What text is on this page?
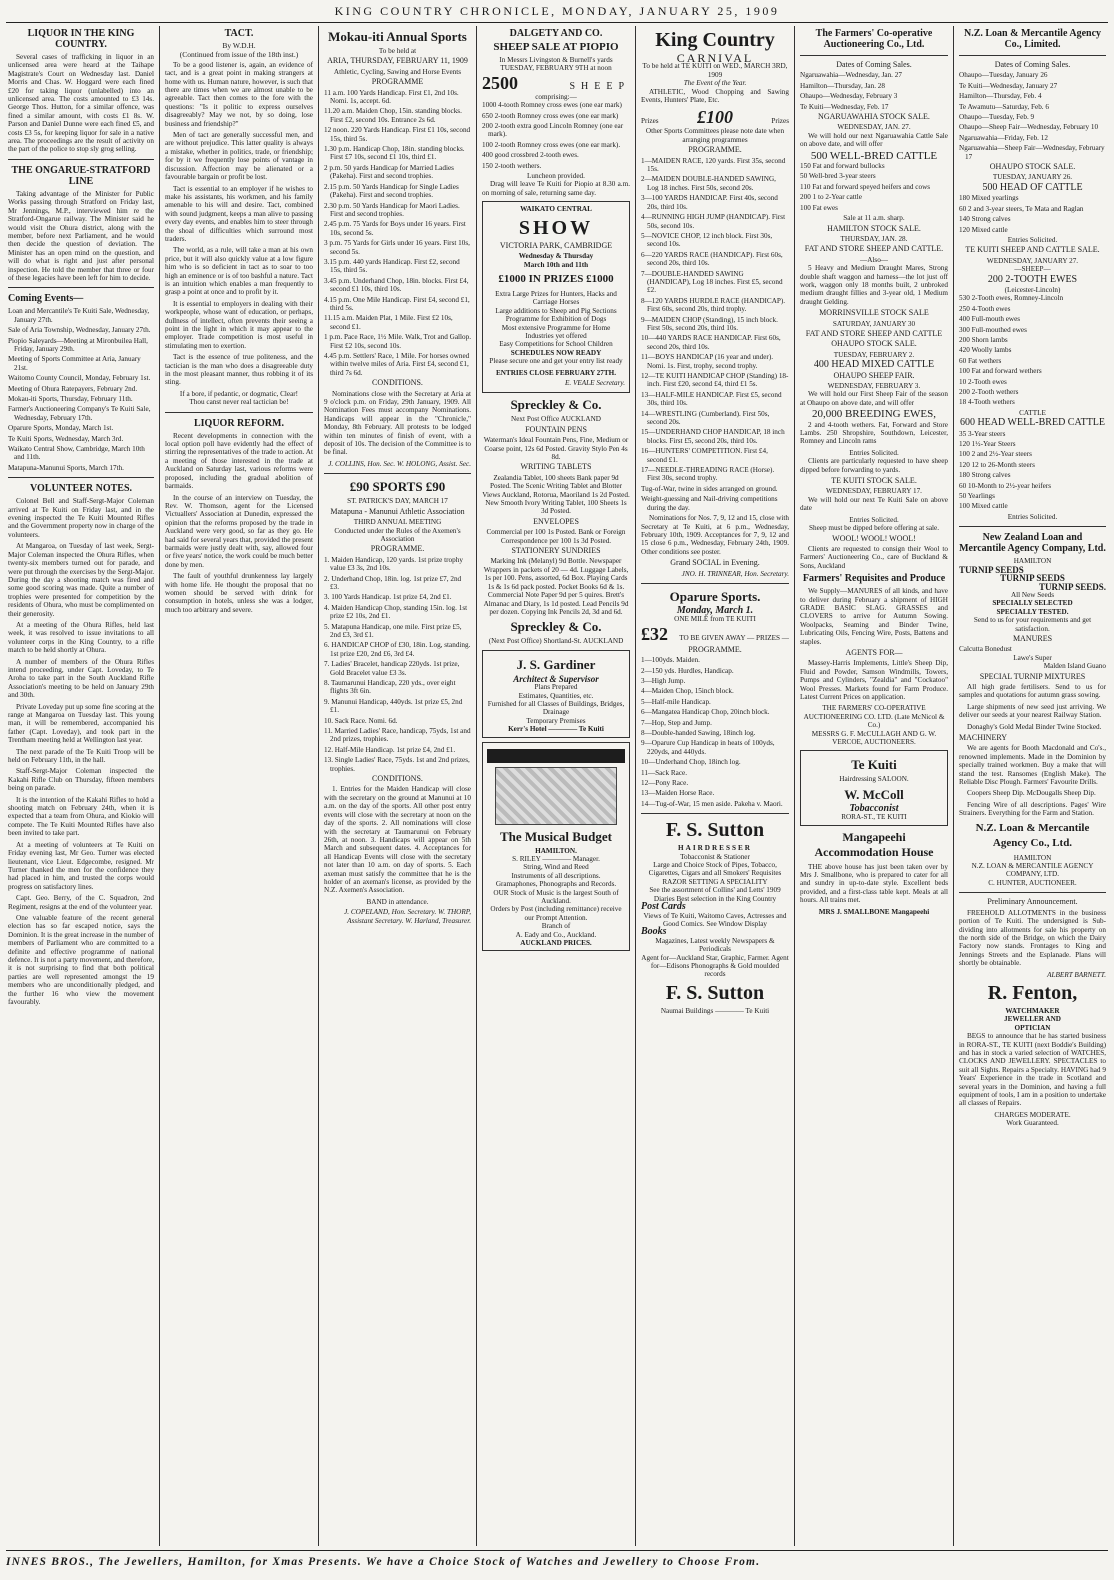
KING COUNTRY CHRONICLE, MONDAY, JANUARY 25, 1909
LIQUOR IN THE KING COUNTRY.

Several cases of trafficking in liquor in an unlicensed area were heard at the Taihape Magistrate's Court on Wednesday last. Daniel Morris and Chas. W. Hoggard were each fined £20 for taking liquor (unlabelled) into an unlicensed area. The costs amounted to £3 14s. George Thos. Hutton, for a similar offence, was fined a similar amount, with costs £1 8s. W. Parson and Daniel Dunne were each fined £5, and costs £3 5s, for keeping liquor for sale in a native area. The proceedings are the result of activity on the part of the police to stop sly grog selling.

THE ONGARUE-STRATFORD LINE

Taking advantage of the Minister for Public Works passing through Stratford on Friday last, Mr Jennings, M.P., interviewed him re the Stratford-Ongarue railway. The Minister said he would visit the Ohura district, along with the member, before next Parliament, and he would then decide the question of deviation. The Minister has an open mind on the question, and will do what is right and just after personal inspection. He told the member that three or four of these legacies have been left for him to decide.

Coming Events—
Loan and Mercantile's Te Kuiti Sale, Wednesday, January 27th.
Sale of Aria Township, Wednesday, January 27th.
Piopio Saleyards—Meeting at Mironbuilea Hall, Friday, January 29th.
Meeting of Sports Committee at Aria, January 21st.
Waitomo County Council, Monday, February 1st.
Meeting of Ohura Ratepayers, February 2nd.
Mokau-iti Sports, Thursday, February 11th.
Farmer's Auctioneering Company's Te Kuiti Sale, Wednesday, February 17th.
Oparure Sports, Monday, March 1st.
Te Kuiti Sports, Wednesday, March 3rd.
Waikato Central Show, Cambridge, March 10th and 11th.
Matapuna-Manunui Sports, March 17th.
VOLUNTEER NOTES.

Colonel Bell and Staff-Sergt-Major Coleman arrived at Te Kuiti on Friday last, and in the evening inspected the Te Kuiti Mounted Rifles and the Government property now in charge of the volunteers.

At Mangaroa, on Tuesday of last week, Sergt-Major Coleman inspected the Ohura Rifles, when twenty-six members turned out for parade, and were put through the exercises by the Sergt-Major. During the day a shooting match was fired and some good scoring was made. Quite a number of trophies were presented for competition by the residents of Ohura, who must be complimented on their generosity.

At a meeting of the Ohura Rifles, held last week, it was resolved to issue invitations to all volunteer corps in the King Country, to a rifle match to be held shortly at Ohura.

A number of members of the Ohura Rifles intend proceeding, under Capt. Loveday, to Te Aroha to take part in the South Auckland Rifle Association's meeting to be held on January 29th and 30th.

Private Loveday put up some fine scoring at the range at Mangaroa on Tuesday last. This young man, it will be remembered, accompanied his father (Capt. Loveday), and took part in the Trentham meeting held at Wellington last year.

The next parade of the Te Kuiti Troop will be held on February 11th, in the hall.

Staff-Sergt-Major Coleman inspected the Kakahi Rifle Club on Thursday, fifteen members being on parade.

It is the intention of the Kakahi Rifles to hold a shooting match on February 24th, when it is expected that a team from Ohura, and Kiokio will compete. The Te Kuiti Mounted Rifles have also been invited to take part.

At a meeting of volunteers at Te Kuiti on Friday evening last, Mr Geo. Turner was elected lieutenant, vice Lieut. Edgecombe, resigned. Mr Turner thanked the men for the confidence they had placed in him, and trusted the corps would progress on satisfactory lines.

Capt. Geo. Berry, of the C. Squadron, 2nd Regiment, resigns at the end of the volunteer year.

One valuable feature of the recent general election has so far escaped notice, says the Dominion. It is the great increase in the number of members of Parliament who are committed to a definite and effective programme of national defence. It is not a party movement, and therefore, it is not surprising to find that both political parties are well represented amongst the 19 members who are unconditionally pledged, and the further 16 who view the movement favourably.

TACT.
By W.D.H.
(Continued from issue of the 18th inst.)

To be a good listener is, again, an evidence of tact, and is a great point in making strangers at home with us. Human nature, however, is such that there are times when we are almost unable to be agreeable. Tact then comes to the fore with the questions: "Is it politic to express ourselves disagreeably? May we not, by so doing, lose business and friendship?"

Men of tact are generally successful men, and are without prejudice. This latter quality is always a mistake, whether in politics, trade, or friendship; for by it we frequently lose points of vantage in discussion. Affection may be alienated or a favourable bargain or profit be lost.

Tact is essential to an employer if he wishes to make his assistants, his workmen, and his family amenable to his will and desire. Tact, combined with sound judgment, keeps a man alive to passing every day events, and enables him to steer through the shoal of difficulties which surround most traders.

The world, as a rule, will take a man at his own price, but it will also quickly value at a low figure him who is so deficient in tact as to soar to too high an eminence or is of too bashful a nature. Tact is an intuition which enables a man frequently to grasp a point at once and to profit by it.

It is essential to employers in dealing with their workpeople, whose want of education, or perhaps, dullness of intellect, often prevents their seeing a point in the light in which it may appear to the employer. Trade competition is most useful in stimulating men to exertion.

Tact is the essence of true politeness, and the tactician is the man who does a disagreeable duty in the most pleasant manner, thus robbing it of its sting.

If a bore, if pedantic, or dogmatic, Clear!
Thou canst never real tactician be!
LIQUOR REFORM.

Recent developments in connection with the local option poll have evidently had the effect of stirring the representatives of the trade to action. At a meeting of those interested in the trade at Auckland on Saturday last, various reforms were proposed, including the gradual abolition of barmaids.

In the course of an interview on Tuesday, the Rev. W. Thomson, agent for the Licensed Victuallers' Association at Dunedin, expressed the opinion that the reforms proposed by the trade in Auckland were very good, so far as they go. He had said for several years that, provided the present barmaids were justly dealt with, say, allowed four or five years' notice, the work could be much better done by men.

The fault of youthful drunkenness lay largely with home life. He thought the proposal that no women should be served with drink for consumption in hotels, unless she was a lodger, much too arbitrary and severe.

Mokau-iti Annual Sports
To be held at
ARIA, THURSDAY, FEBRUARY 11, 1909
Athletic, Cycling, Sawing and Horse Events
PROGRAMME
11 a.m. 100 Yards Handicap. First £1, 2nd 10s. Nomi. 1s, accept. 6d.
11.20 a.m. Maiden Chop, 15in. standing blocks. First £2, second 10s. Entrance 2s 6d.
12 noon. 220 Yards Handicap. First £1 10s, second 15s, third 5s.
1.30 p.m. Handicap Chop, 18in. standing blocks. First £7 10s, second £1 10s, third £1.
2 p.m. 50 yards Handicap for Married Ladies (Pakeha). First and second trophies.
2.15 p.m. 50 Yards Handicap for Single Ladies (Pakeha). First and second trophies.
2.30 p.m. 50 Yards Handicap for Maori Ladies. First and second trophies.
2.45 p.m. 75 Yards for Boys under 16 years. First 10s, second 5s.
3 p.m. 75 Yards for Girls under 16 years. First 10s, second 5s.
3.15 p.m. 440 yards Handicap. First £2, second 15s, third 5s.
3.45 p.m. Underhand Chop, 18in. blocks. First £4, second £1 10s, third 10s.
4.15 p.m. One Mile Handicap. First £4, second £1, third 5s.
11.15 a.m. Maiden Plat, 1 Mile. First £2 10s, second £1.
1 p.m. Pace Race, 1½ Mile. Walk, Trot and Gallop. First £2 10s, second 10s.
4.45 p.m. Settlers' Race, 1 Mile. For horses owned within twelve miles of Aria. First £4, second £1, third 7s 6d.
CONDITIONS.

Nominations close with the Secretary at Aria at 9 o'clock p.m. on Friday, 29th January, 1909. All Nomination Fees must accompany Nominations. Handicaps will appear in the "Chronicle," Monday, 8th February. All protests to be lodged within ten minutes of finish of event, with a deposit of 10s. The decision of the Committee is to be final.

J. COLLINS, Hon. Sec. W. HOLONG, Assist. Sec.
£90 SPORTS £90
ST. PATRICK'S DAY, MARCH 17
Matapuna - Manunui Athletic Association
THIRD ANNUAL MEETING
Conducted under the Rules of the Axemen's Association
PROGRAMME.
1. Maiden Handicap, 120 yards. 1st prize trophy value £3 3s, 2nd 10s.
2. Underhand Chop, 18in. log. 1st prize £7, 2nd £3.
3. 100 Yards Handicap. 1st prize £4, 2nd £1.
4. Maiden Handicap Chop, standing 15in. log. 1st prize £2 10s, 2nd £1.
5. Matapuna Handicap, one mile. First prize £5, 2nd £3, 3rd £1.
6. HANDICAP CHOP of £30, 18in. Log, standing. 1st prize £20, 2nd £6, 3rd £4.
7. Ladies' Bracelet, handicap 220yds. 1st prize, Gold Bracelet value £3 3s.
8. Taumarunui Handicap, 220 yds., over eight flights 3ft 6in.
9. Manunui Handicap, 440yds. 1st prize £5, 2nd £1.
10. Sack Race. Nomi. 6d.
11. Married Ladies' Race, handicap, 75yds, 1st and 2nd prizes, trophies.
12. Half-Mile Handicap. 1st prize £4, 2nd £1.
13. Single Ladies' Race, 75yds. 1st and 2nd prizes, trophies.
CONDITIONS.

1. Entries for the Maiden Handicap will close with the secretary on the ground at Manunui at 10 a.m. on the day of the sports. All other post entry events will close with the secretary at noon on the day of the sports. 2. All nominations will close with the secretary at Taumarunui on February 26th, at noon. 3. Handicaps will appear on 5th March and subsequent dates. 4. Acceptances for all Handicap Events will close with the secretary not later than 10 a.m. on day of sports. 5. Each axeman must satisfy the committee that he is the holder of an axeman's license, as provided by the N.Z. Axemen's Association.

BAND in attendance.
J. COPELAND, Hon. Secretary. W. THORP, Assistant Secretary. W. Harland, Treasurer.
DALGETY AND CO.
SHEEP SALE AT PIOPIO
In Messrs Livingston & Burnell's yards
TUESDAY, FEBRUARY 9TH at noon
2500	SHEEP
comprising:—
1000 4-tooth Romney cross ewes (one ear mark)
650 2-tooth Romney cross ewes (one ear mark)
200 2-tooth extra good Lincoln Romney (one ear mark).
100 2-tooth Romney cross ewes (one ear mark).
400 good crossbred 2-tooth ewes.
150 2-tooth wethers.
Luncheon provided.

Drag will leave Te Kuiti for Piopio at 8.30 a.m. on morning of sale, returning same day.

WAIKATO CENTRAL
SHOW
VICTORIA PARK, CAMBRIDGE
Wednesday & Thursday
March 10th and 11th
£1000 IN PRIZES £1000
Extra Large Prizes for Hunters, Hacks and Carriage Horses
Large additions to Sheep and Pig Sections
Programme for Exhibition of Dogs
Most extensive Programme for Home Industries yet offered
Easy Competitions for School Children
SCHEDULES NOW READY
Please secure one and get your entry list ready
ENTRIES CLOSE FEBRUARY 27TH.
E. VEALE Secretary.
Spreckley & Co.
Next Post Office AUCKLAND
FOUNTAIN PENS
Waterman's Ideal Fountain Pens, Fine, Medium or Coarse point, 12s 6d Posted. Gravity Stylo Pen 4s 8d.
WRITING TABLETS
Zealandia Tablet, 100 sheets Bank paper 9d Posted. The Scenic Writing Tablet and Blotter Views Auckland, Rotorua, Maoriland 1s 2d Posted. New Smooth Ivory Writing Tablet, 100 Sheets 1s 3d Posted.
ENVELOPES
Commercial per 100 1s Posted. Bank or Foreign Correspondence per 100 1s 3d Posted.
STATIONERY SUNDRIES
Marking Ink (Melanyl) 9d Bottle. Newspaper Wrappers in packets of 20 — 4d. Luggage Labels, 1s per 100. Pens, assorted, 6d Box. Playing Cards 1s & 1s 6d pack posted. Pocket Books 6d & 1s. Commercial Note Paper 9d per 5 quires. Brett's Almanac and Diary, 1s 1d posted. Lead Pencils 9d per dozen. Copying Ink Pencils 2d, 3d and 6d.
Spreckley & Co.
(Next Post Office) Shortland-St. AUCKLAND
J. S. Gardiner
Architect & Supervisor
Plans Prepared
Estimates, Quantities, etc.
Furnished for all Classes of Buildings, Bridges, Drainage
Temporary Premises
Kerr's Hotel ———— Te Kuiti
The Musical Budget
HAMILTON.
S. RILEY ———— Manager.
String, Wind and Reed
Instruments of all descriptions.
Gramaphones, Phonographs and Records.
OUR Stock of Music is the largest South of Auckland.
Orders by Post (including remittance) receive our Prompt Attention.
Branch of
A. Eady and Co., Auckland.
AUCKLAND PRICES.
King Country
CARNIVAL
To be held at TE KUITI on WED., MARCH 3RD, 1909
The Event of the Year.

ATHLETIC, Wood Chopping and Sawing Events, Hunters' Plate, Etc.

Prizes £100	Prizes
Other Sports Committees please note date when arranging programmes
PROGRAMME.
1—MAIDEN RACE, 120 yards. First 35s, second 15s.
2—MAIDEN DOUBLE-HANDED SAWING, Log 18 inches. First 50s, second 20s.
3—100 YARDS HANDICAP. First 40s, second 20s, third 10s.
4—RUNNING HIGH JUMP (HANDICAP). First 50s, second 10s.
5—NOVICE CHOP, 12 inch block. First 30s, second 10s.
6—220 YARDS RACE (HANDICAP). First 60s, second 20s, third 10s.
7—DOUBLE-HANDED SAWING (HANDICAP), Log 18 inches. First £5, second £2.
8—120 YARDS HURDLE RACE (HANDICAP). First 60s, second 20s, third trophy.
9—MAIDEN CHOP (Standing), 15 inch block. First 50s, second 20s, third 10s.
10—440 YARDS RACE HANDICAP. First 60s, second 20s, third 10s.
11—BOYS HANDICAP (16 year and under). Nomi. 1s. First, trophy, second trophy.
12—TE KUITI HANDICAP CHOP (Standing) 18-inch. First £20, second £4, third £1 5s.
13—HALF-MILE HANDICAP. First £5, second 30s, third 10s.
14—WRESTLING (Cumberland). First 50s, second 20s.
15—UNDERHAND CHOP HANDICAP, 18 inch blocks. First £5, second 20s, third 10s.
16—HUNTERS' COMPETITION. First £4, second £1.
17—NEEDLE-THREADING RACE (Horse). First 30s, second trophy.
Tug-of-War, twine in sides arranged on ground.
Weight-guessing and Nail-driving competitions during the day.

Nominations for Nos. 7, 9, 12 and 15, close with Secretary at Te Kuiti, at 6 p.m., Wednesday, February 10th, 1909. Acceptances for 7, 9, 12 and 15 close 6 p.m., Wednesday, February 24th, 1909. Other conditions see poster.

Grand SOCIAL in Evening.
JNO. H. TRINNEAR, Hon. Secretary.
Oparure Sports.
Monday, March 1.
ONE MILE from TE KUITI
£32 TO BE GIVEN AWAY — PRIZES —
PROGRAMME.
1—100yds. Maiden.
2—150 yds. Hurdles, Handicap.
3—High Jump.
4—Maiden Chop, 15inch block.
5—Half-mile Handicap.
6—Mangatea Handicap Chop, 20inch block.
7—Hop, Step and Jump.
8—Double-handed Sawing, 18inch log.
9—Oparure Cup Handicap in heats of 100yds, 220yds, and 440yds.
10—Underhand Chop, 18inch log.
11—Sack Race.
12—Pony Race.
13—Maiden Horse Race.
14—Tug-of-War, 15 men aside. Pakeha v. Maori.
F. S. Sutton
HAIRDRESSER
Tobacconist & Stationer
Large and Choice Stock of Pipes, Tobacco, Cigarettes, Cigars and all Smokers' Requisites
RAZOR SETTING A SPECIALITY
See the assortment of Collins' and Letts' 1909 Diaries Best selection in the King Country
Post Cards
Views of Te Kuiti, Waitomo Caves, Actresses and Good Comics. See Window Display
Books
Magazines, Latest weekly Newspapers & Periodicals
Agent for—Auckland Star, Graphic, Farmer. Agent for—Edisons Phonographs & Gold moulded records
F. S. Sutton
Naumai Buildings ———— Te Kuiti
The Farmers' Co-operative Auctioneering Co., Ltd.
Dates of Coming Sales.
Ngaruawahia—Wednesday, Jan. 27
Hamilton—Thursday, Jan. 28
Ohaupo—Wednesday, February 3
Te Kuiti—Wednesday, Feb. 17
NGARUAWAHIA STOCK SALE.
WEDNESDAY, JAN. 27.

We will hold our next Ngaruawahia Cattle Sale on above date, and will offer

500 WELL-BRED CATTLE
150 Fat and forward bullocks
50 Well-bred 3-year steers
110 Fat and forward speyed heifers and cows
200 1 to 2-Year cattle
100 Fat ewes
Sale at 11 a.m. sharp.
HAMILTON STOCK SALE.
THURSDAY, JAN. 28.
FAT AND STORE SHEEP AND CATTLE.
—Also—

5 Heavy and Medium Draught Mares, Strong double shaft waggon and harness—the lot just off work, waggon only 18 months built, 2 unbroked medium draught fillies and 3-year old, 1 Medium draught Gelding.

MORRINSVILLE STOCK SALE
SATURDAY, JANUARY 30
FAT AND STORE SHEEP AND CATTLE
OHAUPO STOCK SALE.
TUESDAY, FEBRUARY 2.
400 HEAD MIXED CATTLE
OHAUPO SHEEP FAIR.
WEDNESDAY, FEBRUARY 3.

We will hold our First Sheep Fair of the season at Ohaupo on above date, and will offer

20,000 BREEDING EWES,

2 and 4-tooth wethers. Fat, Forward and Store Lambs. 250 Shropshire, Southdown, Leicester, Romney and Lincoln rams

Entries Solicited.

Clients are particularly requested to have sheep dipped before forwarding to yards.

TE KUITI STOCK SALE.
WEDNESDAY, FEBRUARY 17.

We will hold our next Te Kuiti Sale on above date

Entries Solicited.
Sheep must be dipped before offering at sale.
WOOL! WOOL! WOOL!

Clients are requested to consign their Wool to Farmers' Auctioneering Co., care of Buckland & Sons, Auckland

Farmers' Requisites and Produce

We Supply—MANURES of all kinds, and have to deliver during February a shipment of HIGH GRADE BASIC SLAG. GRASSES and CLOVERS to arrive for Autumn Sowing. Woolpacks, Seaming and Binder Twine, Lubricating Oils, Fencing Wire, Posts, Battens and staples.

AGENTS FOR—

Massey-Harris Implements, Little's Sheep Dip, Fluid and Powder, Samson Windmills, Towers, Pumps and Cylinders, "Zealdia" and "Cockatoo" Wool Presses. Markets found for Farm Produce. Latest Current Prices on application.

THE FARMERS' CO-OPERATIVE AUCTIONEERING CO. LTD. (Late McNicol & Co.)
MESSRS G. F. McCULLAGH AND G. W. VERCOE, AUCTIONEERS.
Te Kuiti
Hairdressing SALOON.
W. McColl
Tobacconist
RORA-ST., TE KUITI
Mangapeehi Accommodation House

THE above house has just been taken over by Mrs J. Smallbone, who is prepared to cater for all and sundry in up-to-date style. Excellent beds provided, and a first-class table kept. Meals at all hours. All trains met.

MRS J. SMALLBONE Mangapeehi
N.Z. Loan & Mercantile Agency Co., Limited.
Dates of Coming Sales.
Ohaupo—Tuesday, January 26
Te Kuiti—Wednesday, January 27
Hamilton—Thursday, Feb. 4
Te Awamutu—Saturday, Feb. 6
Ohaupo—Tuesday, Feb. 9
Ohaupo—Sheep Fair—Wednesday, February 10
Ngaruawahia—Friday, Feb. 12
Ngaruawahia—Sheep Fair—Wednesday, February 17
OHAUPO STOCK SALE.
TUESDAY, JANUARY 26.
500 HEAD OF CATTLE
180 Mixed yearlings
60 2 and 3-year steers, Te Mata and Raglan
140 Strong calves
120 Mixed cattle
Entries Solicited.
TE KUITI SHEEP AND CATTLE SALE.
WEDNESDAY, JANUARY 27.
—SHEEP—
200 2-TOOTH EWES
(Leicester-Lincoln)
530 2-Tooth ewes, Romney-Lincoln
250 4-Tooth ewes
400 Full-mouth ewes
300 Full-mouthed ewes
200 Shorn lambs
420 Woolly lambs
60 Fat wethers
100 Fat and forward wethers
10 2-Tooth ewes
200 2-Tooth wethers
18 4-Tooth wethers
CATTLE
600 HEAD WELL-BRED CATTLE
35 3-Year steers
120 1½-Year Steers
100 2 and 2½-Year steers
120 12 to 26-Month steers
180 Strong calves
60 10-Month to 2½-year heifers
50 Yearlings
100 Mixed cattle
Entries Solicited.
New Zealand Loan and Mercantile Agency Company, Ltd.
HAMILTON
TURNIP SEEDS
TURNIP SEEDS
TURNIP SEEDS.
All New Seeds
SPECIALLY SELECTED
SPECIALLY TESTED.
Send to us for your requirements and get satisfaction.
MANURES
Calcutta Bonedust
Lawe's Super
Malden Island Guano
SPECIAL TURNIP MIXTURES

All high grade fertilisers. Send to us for samples and quotations for autumn grass sowing.

Large shipments of new seed just arriving. We deliver our seeds at your nearest Railway Station.

Donaghy's Gold Medal Binder Twine Stocked.

MACHINERY

We are agents for Booth Macdonald and Co's., renowned implements. Made in the Dominion by specially trained workmen. Buy a make that will stand the test. Ransomes (English Make). The Reliable Disc Plough. Farmers' Favourite Drills.

Coopers Sheep Dip. McDougalls Sheep Dip.

Fencing Wire of all descriptions. Pages' Wire Strainers. Everything for the Farm and Station.

N.Z. Loan & Mercantile Agency Co., Ltd.
HAMILTON
N.Z. LOAN & MERCANTILE AGENCY COMPANY, LTD.
C. HUNTER, AUCTIONEER.
Preliminary Announcement.

FREEHOLD ALLOTMENTS in the business portion of Te Kuiti. The undersigned is Sub-dividing into allotments for sale his property on the north side of the Bridge, on which the Dairy Factory now stands. Frontages to King and Jennings Streets and the Esplanade. Plans will shortly be obtainable.

ALBERT BARNETT.
R. Fenton,
WATCHMAKER
JEWELLER AND
OPTICIAN

BEGS to announce that he has started business in RORA-ST., TE KUITI (next Boddie's Building) and has in stock a varied selection of WATCHES, CLOCKS AND JEWELLERY. SPECTACLES to suit all Sights. Repairs a Specialty. HAVING had 9 Years' Experience in the trade in Scotland and several years in the Dominion, and having a full equipment of tools, I am in a position to undertake all classes of Repairs.

CHARGES MODERATE.
Work Guaranteed.
INNES BROS., The Jewellers, Hamilton, for Xmas Presents. We have a Choice Stock of Watches and Jewellery to Choose From.
